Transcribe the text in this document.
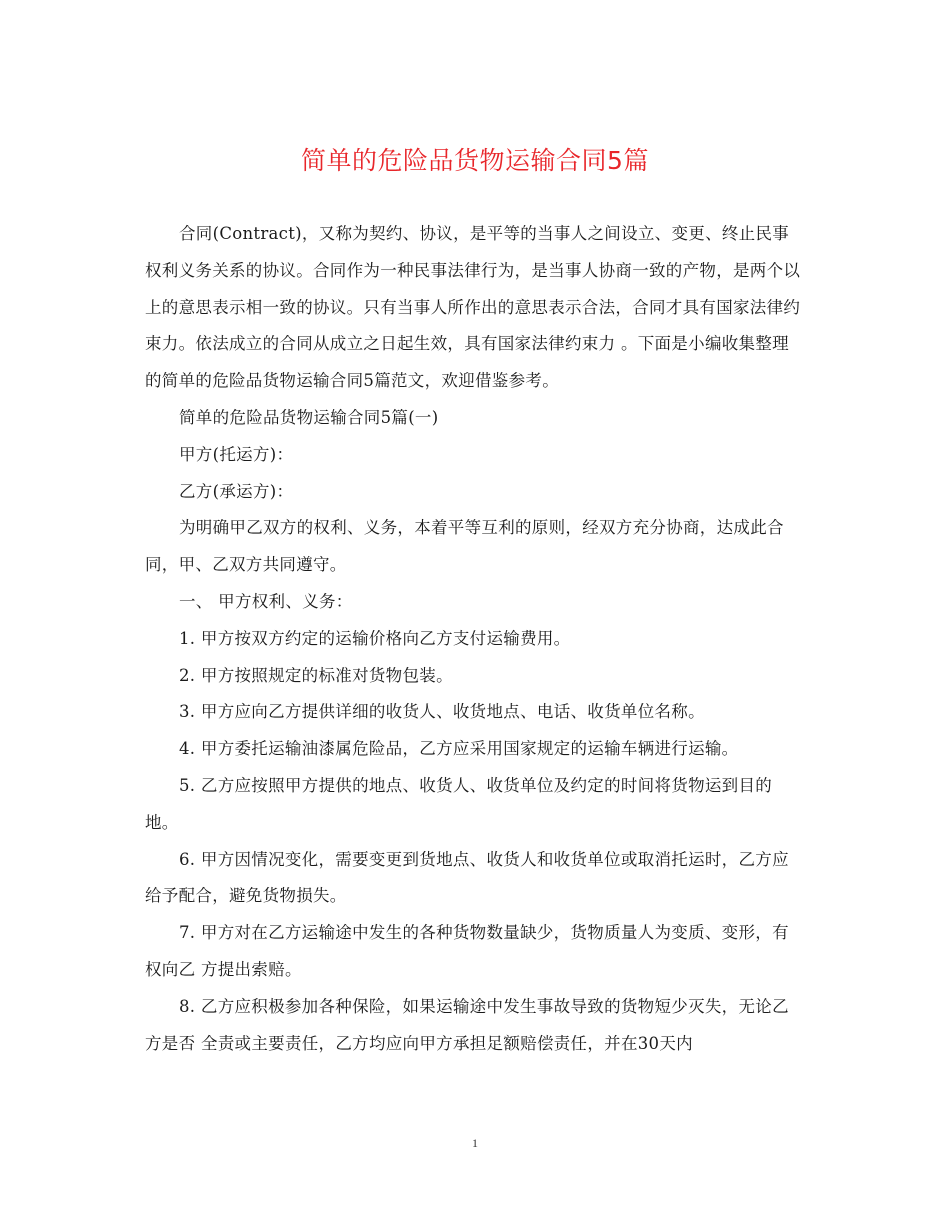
简单的危险品货物运输合同5篇

合同(Contract)，又称为契约、协议，是平等的当事人之间设立、变更、终止民事权利义务关系的协议。合同作为一种民事法律行为，是当事人协商一致的产物，是两个以上的意思表示相一致的协议。只有当事人所作出的意思表示合法，合同才具有国家法律约束力。依法成立的合同从成立之日起生效，具有国家法律约束力 。下面是小编收集整理的简单的危险品货物运输合同5篇范文，欢迎借鉴参考。

简单的危险品货物运输合同5篇(一)

甲方(托运方)：

乙方(承运方)：

为明确甲乙双方的权利、义务，本着平等互利的原则，经双方充分协商，达成此合同，甲、乙双方共同遵守。

一、 甲方权利、义务：

1. 甲方按双方约定的运输价格向乙方支付运输费用。

2. 甲方按照规定的标准对货物包装。

3. 甲方应向乙方提供详细的收货人、收货地点、电话、收货单位名称。

4. 甲方委托运输油漆属危险品，乙方应采用国家规定的运输车辆进行运输。

5. 乙方应按照甲方提供的地点、收货人、收货单位及约定的时间将货物运到目的地。

6. 甲方因情况变化，需要变更到货地点、收货人和收货单位或取消托运时，乙方应给予配合，避免货物损失。

7. 甲方对在乙方运输途中发生的各种货物数量缺少，货物质量人为变质、变形，有权向乙 方提出索赔。

8. 乙方应积极参加各种保险，如果运输途中发生事故导致的货物短少灭失，无论乙方是否 全责或主要责任，乙方均应向甲方承担足额赔偿责任，并在30天内

1
